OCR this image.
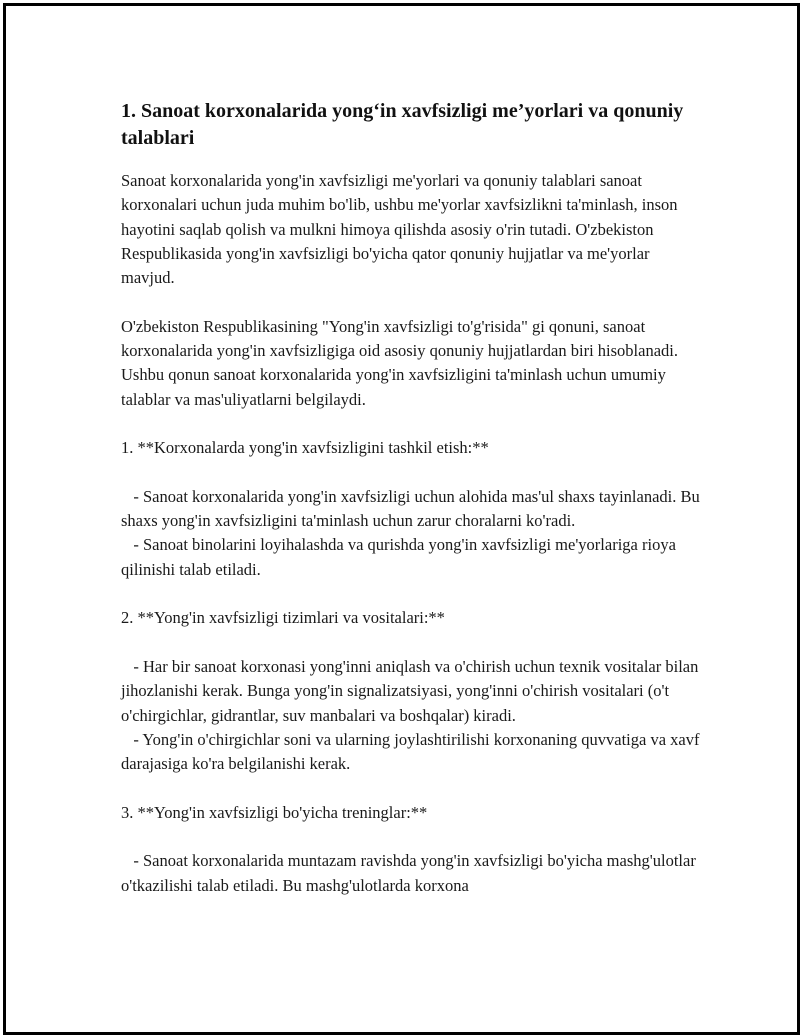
1. Sanoat korxonalarida yong‘in xavfsizligi me’yorlari va qonuniy talablari

Sanoat korxonalarida yong'in xavfsizligi me'yorlari va qonuniy talablari sanoat korxonalari uchun juda muhim bo'lib, ushbu me'yorlar xavfsizlikni ta'minlash, inson hayotini saqlab qolish va mulkni himoya qilishda asosiy o'rin tutadi. O'zbekiston Respublikasida yong'in xavfsizligi bo'yicha qator qonuniy hujjatlar va me'yorlar mavjud.

O'zbekiston Respublikasining "Yong'in xavfsizligi to'g'risida" gi qonuni, sanoat korxonalarida yong'in xavfsizligiga oid asosiy qonuniy hujjatlardan biri hisoblanadi. Ushbu qonun sanoat korxonalarida yong'in xavfsizligini ta'minlash uchun umumiy talablar va mas'uliyatlarni belgilaydi.

1. **Korxonalarda yong'in xavfsizligini tashkil etish:**

- Sanoat korxonalarida yong'in xavfsizligi uchun alohida mas'ul shaxs tayinlanadi. Bu shaxs yong'in xavfsizligini ta'minlash uchun zarur choralarni ko'radi.
- Sanoat binolarini loyihalashda va qurishda yong'in xavfsizligi me'yorlariga rioya qilinishi talab etiladi.

2. **Yong'in xavfsizligi tizimlari va vositalari:**

- Har bir sanoat korxonasi yong'inni aniqlash va o'chirish uchun texnik vositalar bilan jihozlanishi kerak. Bunga yong'in signalizatsiyasi, yong'inni o'chirish vositalari (o't o'chirgichlar, gidrantlar, suv manbalari va boshqalar) kiradi.
- Yong'in o'chirgichlar soni va ularning joylashtirilishi korxonaning quvvatiga va xavf darajasiga ko'ra belgilanishi kerak.

3. **Yong'in xavfsizligi bo'yicha treninglar:**

- Sanoat korxonalarida muntazam ravishda yong'in xavfsizligi bo'yicha mashg'ulotlar o'tkazilishi talab etiladi. Bu mashg'ulotlarda korxona
